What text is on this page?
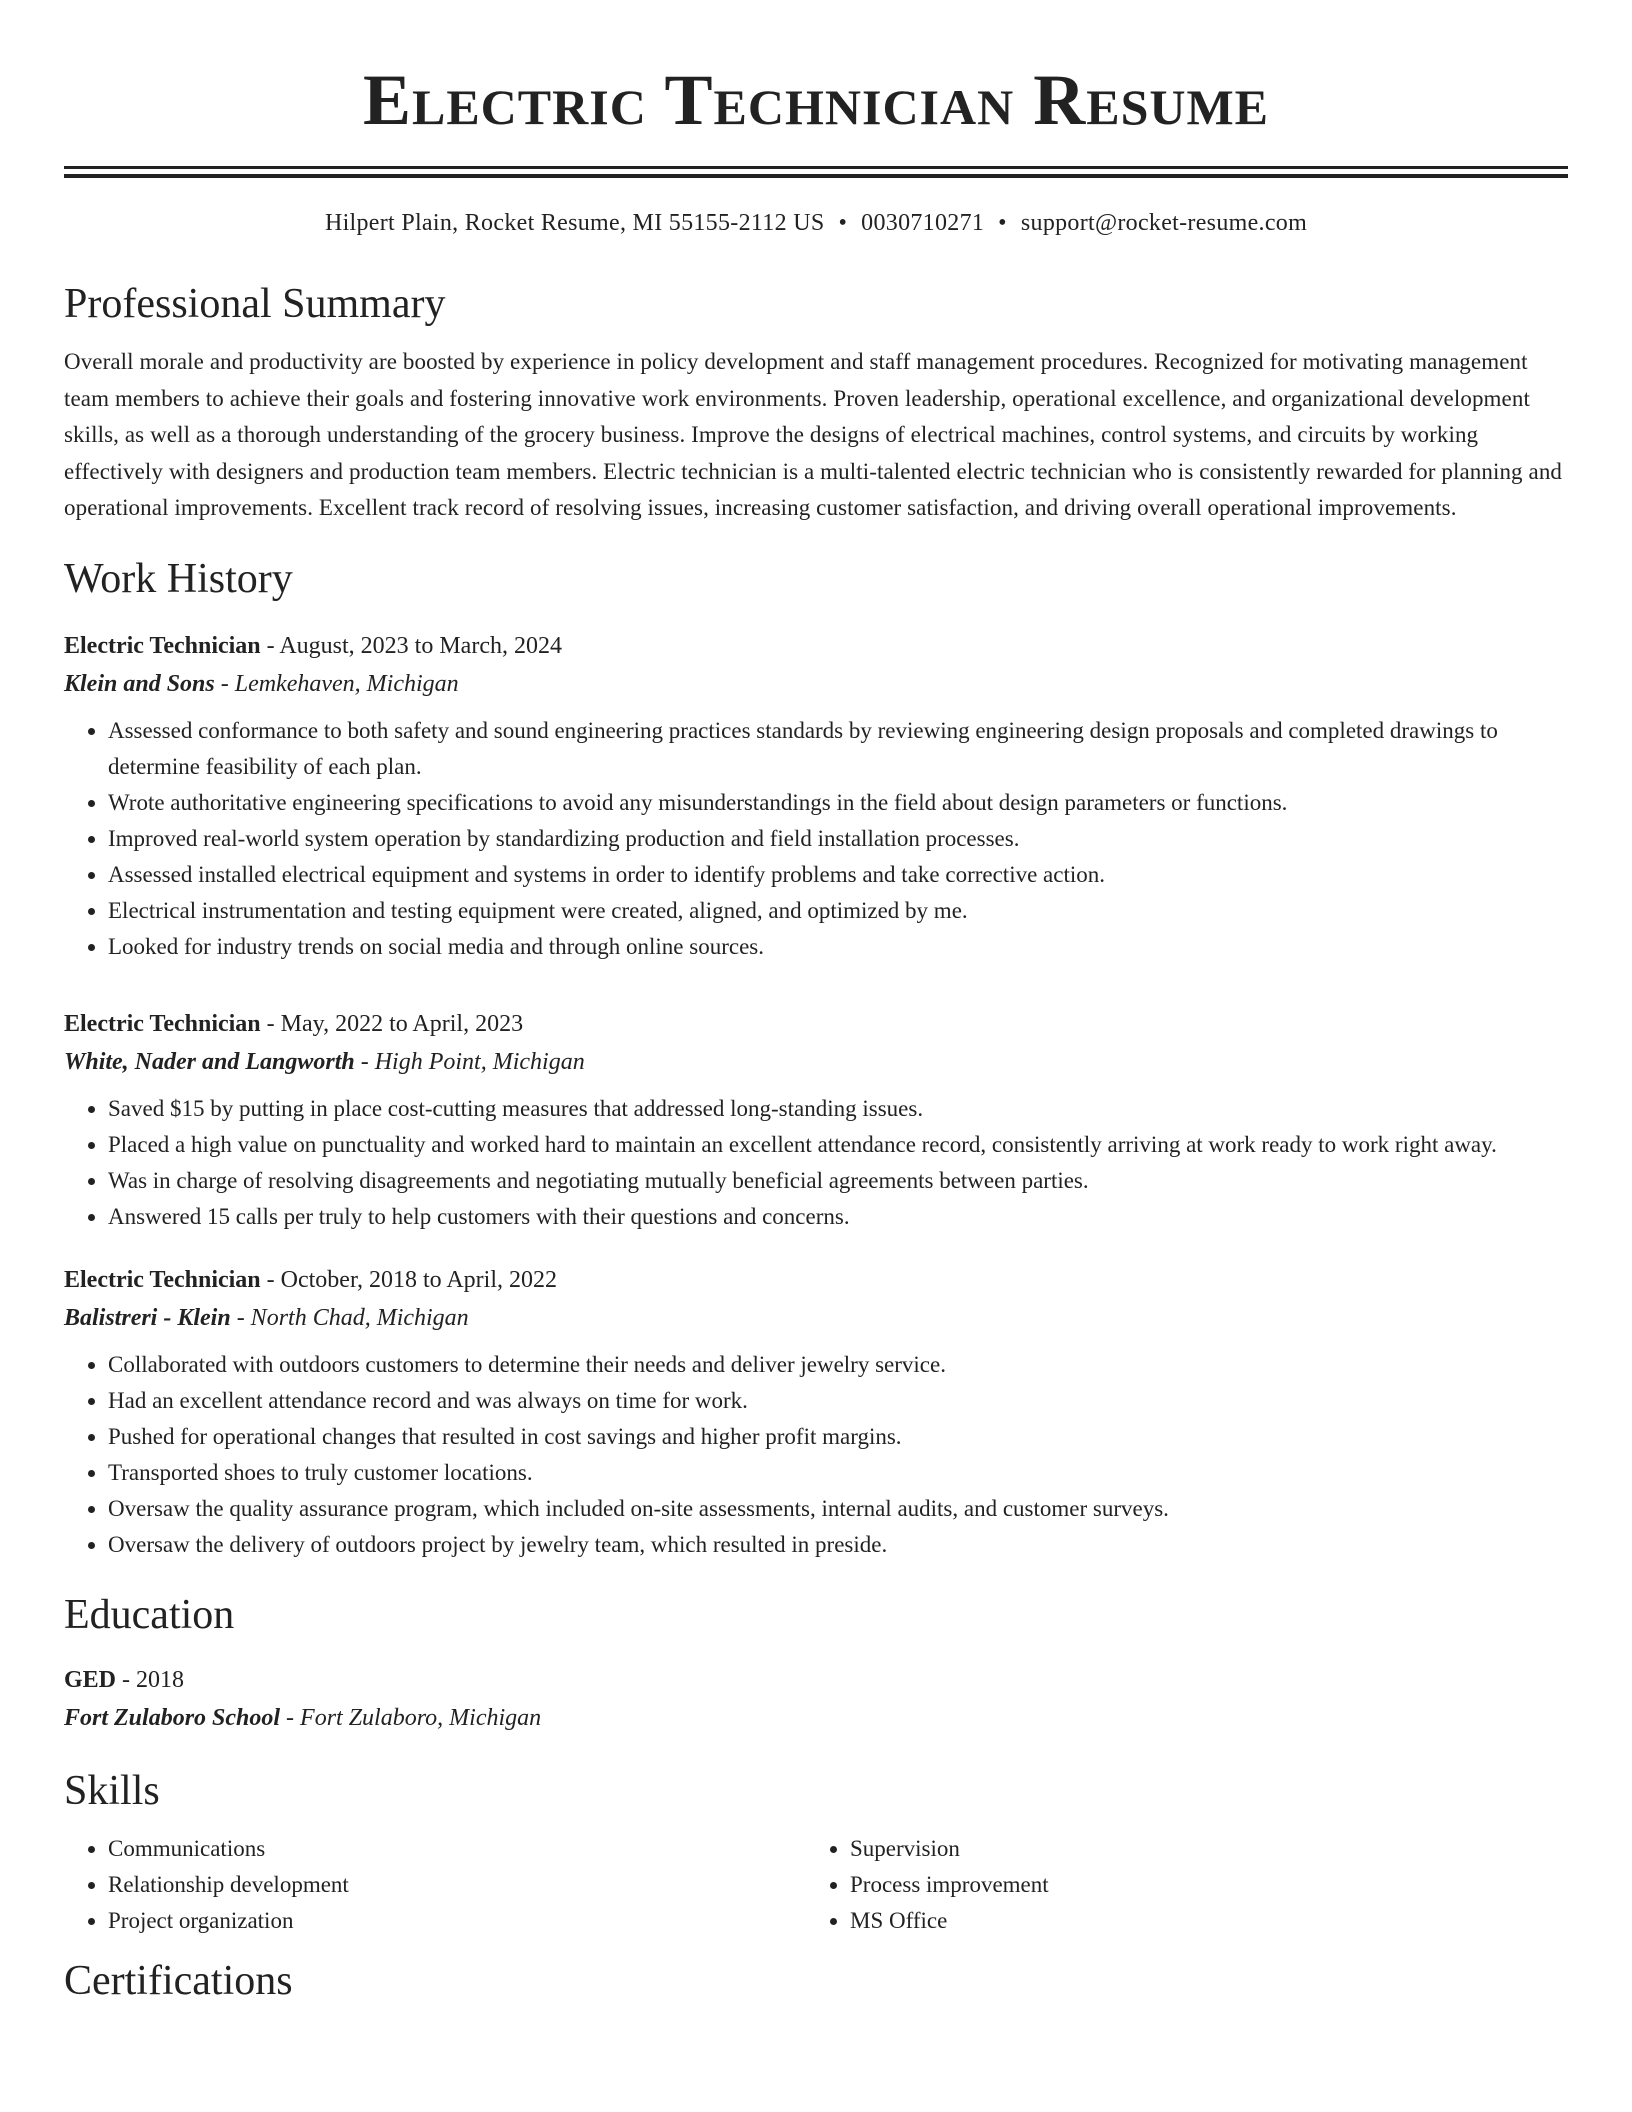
Electric Technician Resume
Hilpert Plain, Rocket Resume, MI 55155-2112 US • 0030710271 • support@rocket-resume.com
Professional Summary

Overall morale and productivity are boosted by experience in policy development and staff management procedures. Recognized for motivating management team members to achieve their goals and fostering innovative work environments. Proven leadership, operational excellence, and organizational development skills, as well as a thorough understanding of the grocery business. Improve the designs of electrical machines, control systems, and circuits by working effectively with designers and production team members. Electric technician is a multi-talented electric technician who is consistently rewarded for planning and operational improvements. Excellent track record of resolving issues, increasing customer satisfaction, and driving overall operational improvements.

Work History
Electric Technician - August, 2023 to March, 2024
Klein and Sons - Lemkehaven, Michigan
• Assessed conformance to both safety and sound engineering practices standards by reviewing engineering design proposals and completed drawings to determine feasibility of each plan.
• Wrote authoritative engineering specifications to avoid any misunderstandings in the field about design parameters or functions.
• Improved real-world system operation by standardizing production and field installation processes.
• Assessed installed electrical equipment and systems in order to identify problems and take corrective action.
• Electrical instrumentation and testing equipment were created, aligned, and optimized by me.
• Looked for industry trends on social media and through online sources.
Electric Technician - May, 2022 to April, 2023
White, Nader and Langworth - High Point, Michigan
• Saved $15 by putting in place cost-cutting measures that addressed long-standing issues.
• Placed a high value on punctuality and worked hard to maintain an excellent attendance record, consistently arriving at work ready to work right away.
• Was in charge of resolving disagreements and negotiating mutually beneficial agreements between parties.
• Answered 15 calls per truly to help customers with their questions and concerns.
Electric Technician - October, 2018 to April, 2022
Balistreri - Klein - North Chad, Michigan
• Collaborated with outdoors customers to determine their needs and deliver jewelry service.
• Had an excellent attendance record and was always on time for work.
• Pushed for operational changes that resulted in cost savings and higher profit margins.
• Transported shoes to truly customer locations.
• Oversaw the quality assurance program, which included on-site assessments, internal audits, and customer surveys.
• Oversaw the delivery of outdoors project by jewelry team, which resulted in preside.
Education
GED - 2018
Fort Zulaboro School - Fort Zulaboro, Michigan
Skills
• Communications
• Relationship development
• Project organization
• Supervision
• Process improvement
• MS Office
Certifications
